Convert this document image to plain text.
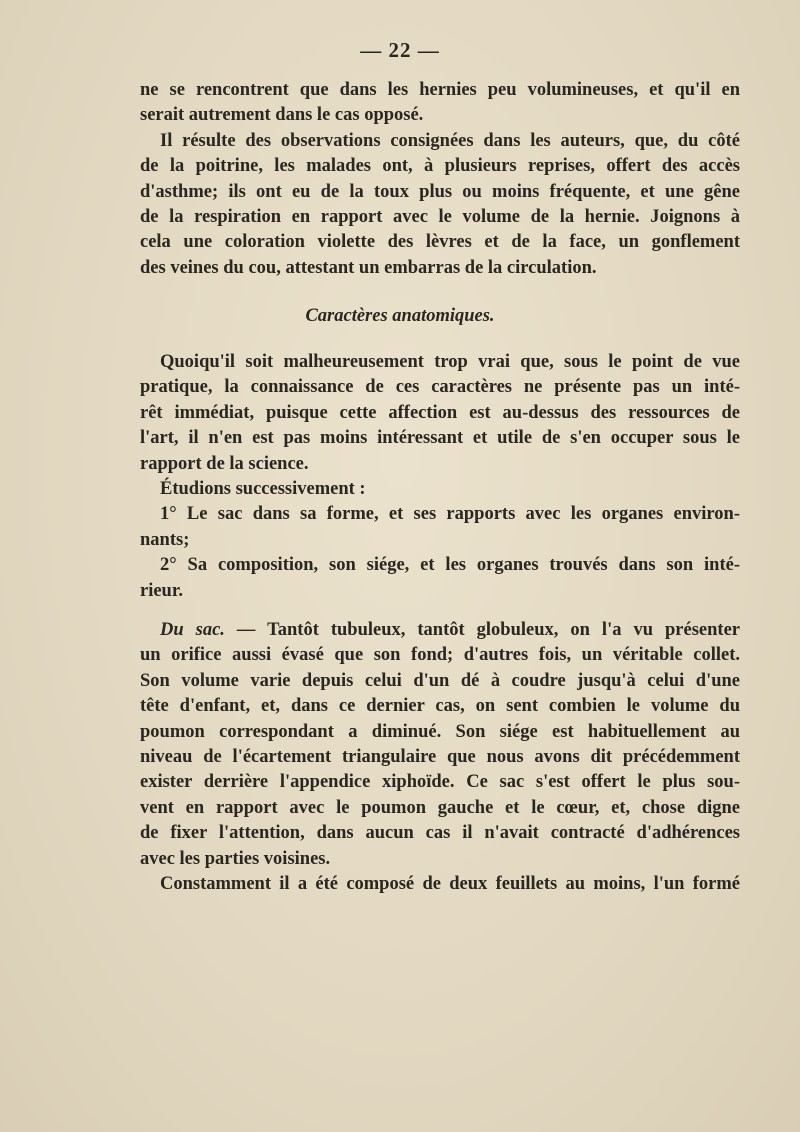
— 22 —
ne se rencontrent que dans les hernies peu volumineuses, et qu'il en
serait autrement dans le cas opposé.
Il résulte des observations consignées dans les auteurs, que, du côté
de la poitrine, les malades ont, à plusieurs reprises, offert des accès
d'asthme; ils ont eu de la toux plus ou moins fréquente, et une gêne
de la respiration en rapport avec le volume de la hernie. Joignons à
cela une coloration violette des lèvres et de la face, un gonflement
des veines du cou, attestant un embarras de la circulation.
Caractères anatomiques.
Quoiqu'il soit malheureusement trop vrai que, sous le point de vue
pratique, la connaissance de ces caractères ne présente pas un inté-
rêt immédiat, puisque cette affection est au-dessus des ressources de
l'art, il n'en est pas moins intéressant et utile de s'en occuper sous le
rapport de la science.
Étudions successivement :
1° Le sac dans sa forme, et ses rapports avec les organes environ-
nants;
2° Sa composition, son siége, et les organes trouvés dans son inté-
rieur.
Du sac. — Tantôt tubuleux, tantôt globuleux, on l'a vu présenter
un orifice aussi évasé que son fond; d'autres fois, un véritable collet.
Son volume varie depuis celui d'un dé à coudre jusqu'à celui d'une
tête d'enfant, et, dans ce dernier cas, on sent combien le volume du
poumon correspondant a diminué. Son siége est habituellement au
niveau de l'écartement triangulaire que nous avons dit précédemment
exister derrière l'appendice xiphoïde. Ce sac s'est offert le plus sou-
vent en rapport avec le poumon gauche et le cœur, et, chose digne
de fixer l'attention, dans aucun cas il n'avait contracté d'adhérences
avec les parties voisines.
Constamment il a été composé de deux feuillets au moins, l'un formé
